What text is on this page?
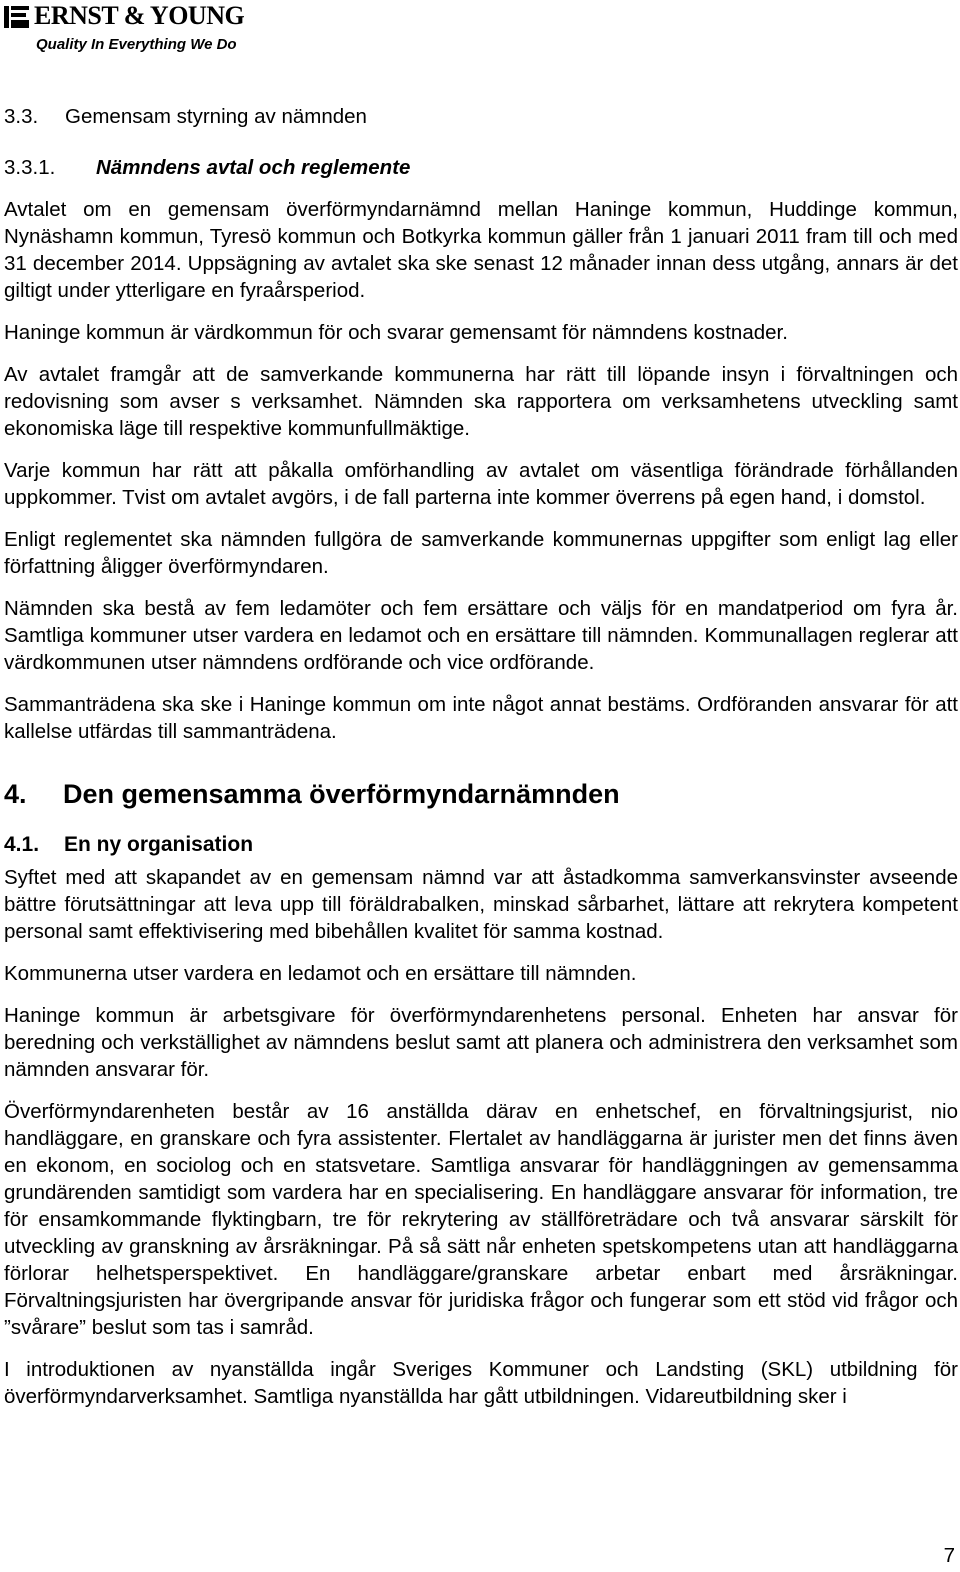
ERNST & YOUNG
Quality In Everything We Do
3.3. Gemensam styrning av nämnden
3.3.1. Nämndens avtal och reglemente

Avtalet om en gemensam överförmyndarnämnd mellan Haninge kommun, Huddinge kommun, Nynäshamn kommun, Tyresö kommun och Botkyrka kommun gäller från 1 januari 2011 fram till och med 31 december 2014. Uppsägning av avtalet ska ske senast 12 månader innan dess utgång, annars är det giltigt under ytterligare en fyraårsperiod.

Haninge kommun är värdkommun för och svarar gemensamt för nämndens kostnader.

Av avtalet framgår att de samverkande kommunerna har rätt till löpande insyn i förvaltningen och redovisning som avser s verksamhet. Nämnden ska rapportera om verksamhetens utveckling samt ekonomiska läge till respektive kommunfullmäktige.

Varje kommun har rätt att påkalla omförhandling av avtalet om väsentliga förändrade förhållanden uppkommer. Tvist om avtalet avgörs, i de fall parterna inte kommer överrens på egen hand, i domstol.

Enligt reglementet ska nämnden fullgöra de samverkande kommunernas uppgifter som enligt lag eller författning åligger överförmyndaren.

Nämnden ska bestå av fem ledamöter och fem ersättare och väljs för en mandatperiod om fyra år. Samtliga kommuner utser vardera en ledamot och en ersättare till nämnden. Kommunallagen reglerar att värdkommunen utser nämndens ordförande och vice ordförande.

Sammanträdena ska ske i Haninge kommun om inte något annat bestäms. Ordföranden ansvarar för att kallelse utfärdas till sammanträdena.

4. Den gemensamma överförmyndarnämnden
4.1. En ny organisation

Syftet med att skapandet av en gemensam nämnd var att åstadkomma samverkansvinster avseende bättre förutsättningar att leva upp till föräldrabalken, minskad sårbarhet, lättare att rekrytera kompetent personal samt effektivisering med bibehållen kvalitet för samma kostnad.

Kommunerna utser vardera en ledamot och en ersättare till nämnden.

Haninge kommun är arbetsgivare för överförmyndarenhetens personal. Enheten har ansvar för beredning och verkställighet av nämndens beslut samt att planera och administrera den verksamhet som nämnden ansvarar för.

Överförmyndarenheten består av 16 anställda därav en enhetschef, en förvaltningsjurist, nio handläggare, en granskare och fyra assistenter. Flertalet av handläggarna är jurister men det finns även en ekonom, en sociolog och en statsvetare. Samtliga ansvarar för handläggningen av gemensamma grundärenden samtidigt som vardera har en specialisering. En handläggare ansvarar för information, tre för ensamkommande flyktingbarn, tre för rekrytering av ställföreträdare och två ansvarar särskilt för utveckling av granskning av årsräkningar. På så sätt når enheten spetskompetens utan att handläggarna förlorar helhetsperspektivet. En handläggare/granskare arbetar enbart med årsräkningar. Förvaltningsjuristen har övergripande ansvar för juridiska frågor och fungerar som ett stöd vid frågor och ”svårare” beslut som tas i samråd.

I introduktionen av nyanställda ingår Sveriges Kommuner och Landsting (SKL) utbildning för överförmyndarverksamhet. Samtliga nyanställda har gått utbildningen. Vidareutbildning sker i

7
